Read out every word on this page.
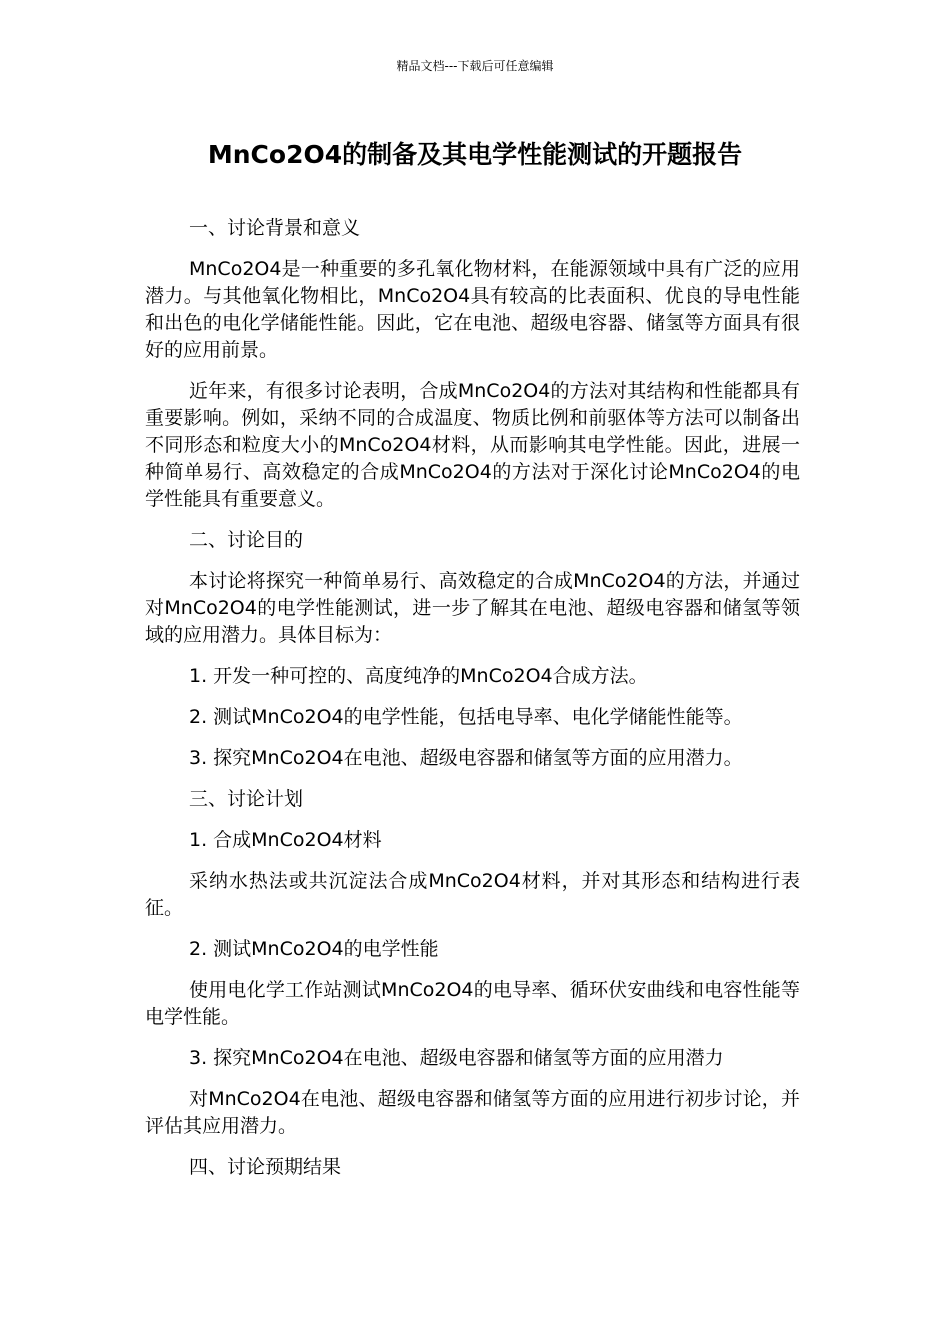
精品文档---下载后可任意编辑
MnCo2O4的制备及其电学性能测试的开题报告

一、讨论背景和意义

MnCo2O4是一种重要的多孔氧化物材料，在能源领域中具有广泛的应用潜力。与其他氧化物相比，MnCo2O4具有较高的比表面积、优良的导电性能和出色的电化学储能性能。因此，它在电池、超级电容器、储氢等方面具有很好的应用前景。

近年来，有很多讨论表明，合成MnCo2O4的方法对其结构和性能都具有重要影响。例如，采纳不同的合成温度、物质比例和前驱体等方法可以制备出不同形态和粒度大小的MnCo2O4材料，从而影响其电学性能。因此，进展一种简单易行、高效稳定的合成MnCo2O4的方法对于深化讨论MnCo2O4的电学性能具有重要意义。

二、讨论目的

本讨论将探究一种简单易行、高效稳定的合成MnCo2O4的方法，并通过对MnCo2O4的电学性能测试，进一步了解其在电池、超级电容器和储氢等领域的应用潜力。具体目标为：

1. 开发一种可控的、高度纯净的MnCo2O4合成方法。

2. 测试MnCo2O4的电学性能，包括电导率、电化学储能性能等。

3. 探究MnCo2O4在电池、超级电容器和储氢等方面的应用潜力。

三、讨论计划

1. 合成MnCo2O4材料

采纳水热法或共沉淀法合成MnCo2O4材料，并对其形态和结构进行表征。

2. 测试MnCo2O4的电学性能

使用电化学工作站测试MnCo2O4的电导率、循环伏安曲线和电容性能等电学性能。

3. 探究MnCo2O4在电池、超级电容器和储氢等方面的应用潜力

对MnCo2O4在电池、超级电容器和储氢等方面的应用进行初步讨论，并评估其应用潜力。

四、讨论预期结果
